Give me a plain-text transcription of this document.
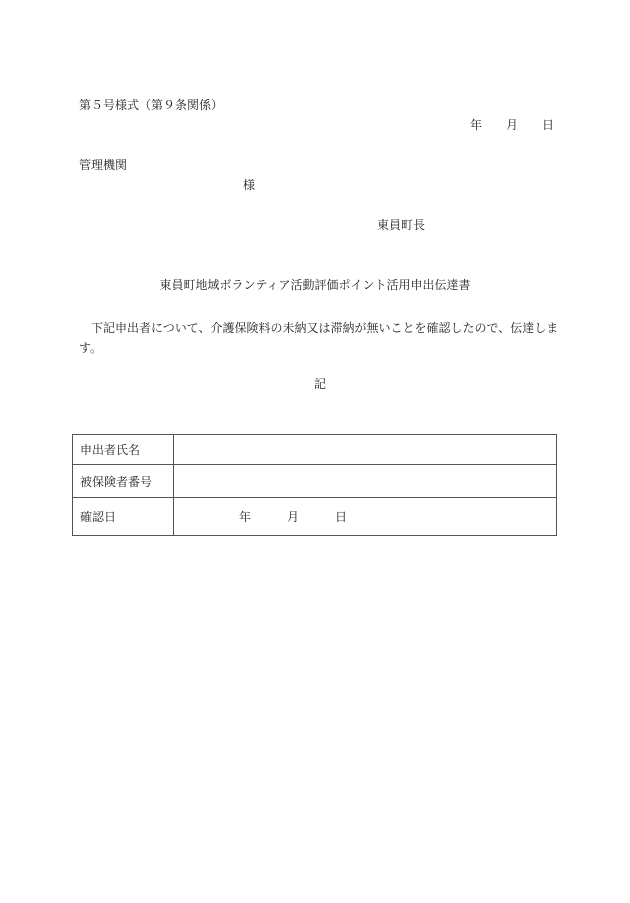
第５号様式（第９条関係）
年 月 日
管理機関
様
東員町長
東員町地域ボランティア活動評価ポイント活用申出伝達書
下記申出者について、介護保険料の未納又は滞納が無いことを確認したので、伝達します。
記
申出者氏名	
被保険者番号	
確認日	年 月 日
